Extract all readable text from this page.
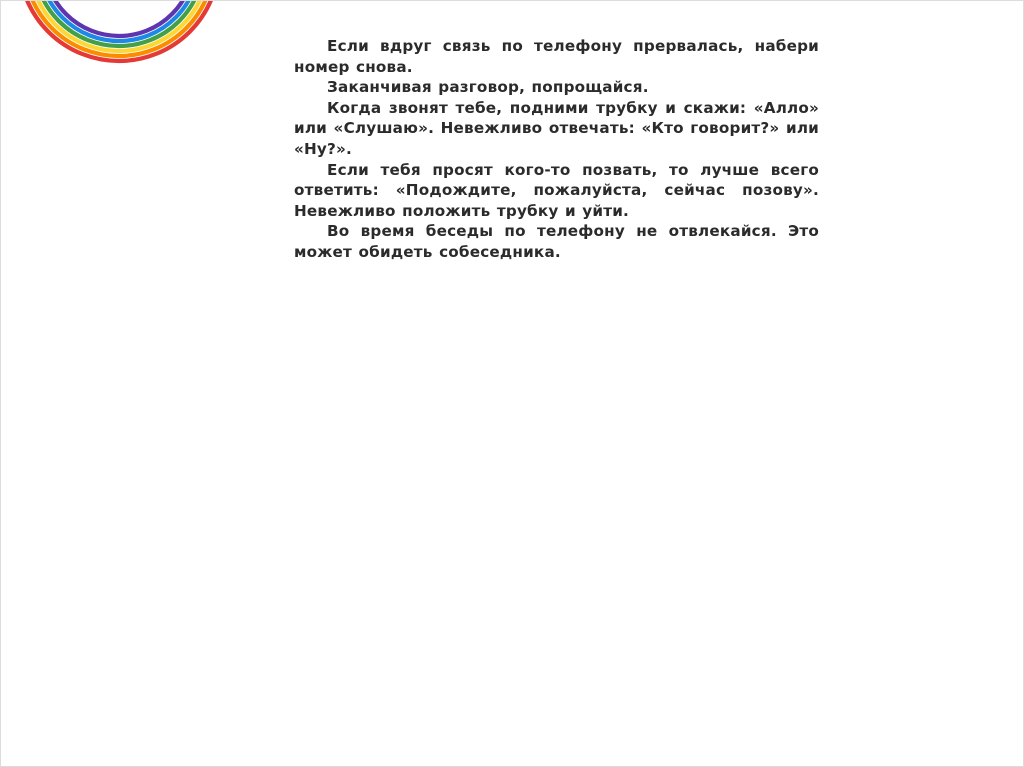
Если вдруг связь по телефону прервалась, набери номер снова.

Заканчивая разговор, попрощайся.

Когда звонят тебе, подними трубку и скажи: «Алло» или «Слушаю». Невежливо отвечать: «Кто говорит?» или «Ну?».

Если тебя просят кого-то позвать, то лучше всего ответить: «Подождите, пожалуйста, сейчас позову». Невежливо положить трубку и уйти.

Во время беседы по телефону не отвлекайся. Это может обидеть собеседника.
